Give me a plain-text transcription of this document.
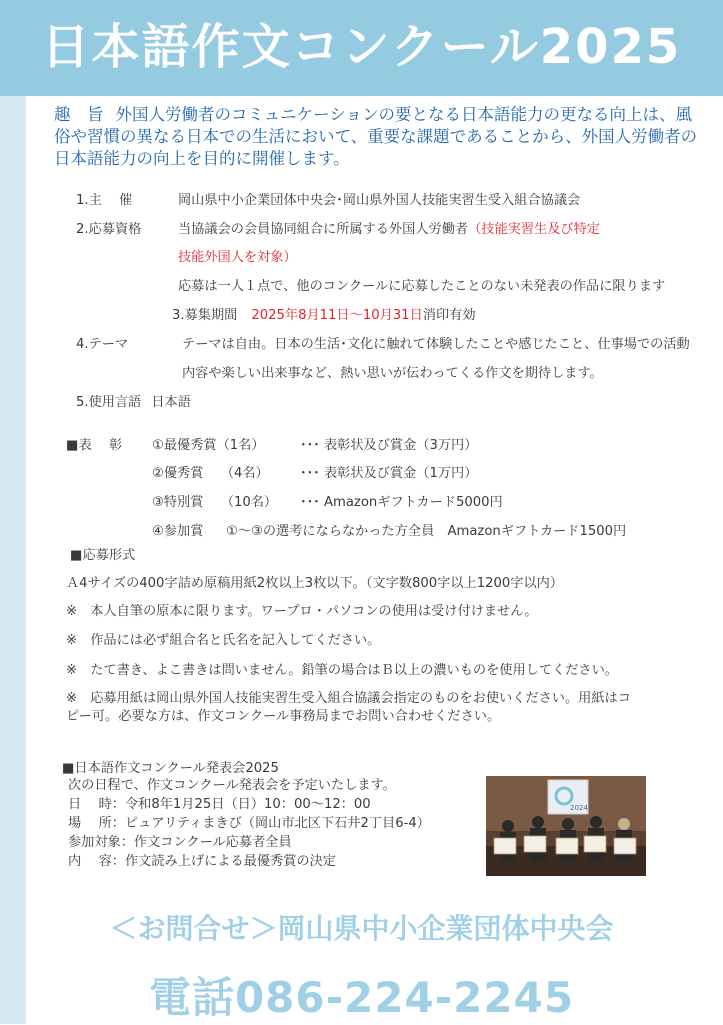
日本語作文コンクール2025
趣　旨 外国人労働者のコミュニケーションの要となる日本語能力の更なる向上は、風俗や習慣の異なる日本での生活において、重要な課題であることから、外国人労働者の日本語能力の向上を目的に開催します。
1.主　 催	岡山県中小企業団体中央会･岡山県外国人技能実習生受入組合協議会
2.応募資格	当協議会の会員協同組合に所属する外国人労働者（技能実習生及び特定
技能外国人を対象）
応募は一人１点で、他のコンクールに応募したことのない未発表の作品に限ります
3.募集期間 2025年8月11日～10月31日消印有効
4.テーマ	テーマは自由。日本の生活･文化に触れて体験したことや感じたこと、仕事場での活動
内容や楽しい出来事など、熱い思いが伝わってくる作文を期待します。
5.使用言語 日本語
■表　 彰 ①最優秀賞（1名）	･･･ 表彰状及び賞金（3万円）
②優秀賞　 （4名） ･･･ 表彰状及び賞金（1万円）
③特別賞　 （10名） ･･･ Amazonギフトカード5000円
④参加賞 ①～③の選考にならなかった方全員　Amazonギフトカード1500円
■応募形式
Ａ4サイズの400字詰め原稿用紙2枚以上3枚以下。（文字数800字以上1200字以内）
※　本人自筆の原本に限ります。ワープロ・パソコンの使用は受け付けません。
※　作品には必ず組合名と氏名を記入してください。
※　たて書き、よこ書きは問いません。鉛筆の場合はＢ以上の濃いものを使用してください。
※　応募用紙は岡山県外国人技能実習生受入組合協議会指定のものをお使いください。用紙はコ
ピー可。必要な方は、作文コンクール事務局までお問い合わせください。
■日本語作文コンクール発表会2025
次の日程で、作文コンクール発表会を予定いたします。
日　 時：令和8年1月25日（日）10：00～12：00
場　 所：ピュアリティまきび（岡山市北区下石井2丁目6-4）
参加対象：作文コンクール応募者全員
内　 容：作文読み上げによる最優秀賞の決定
2024
＜お問合せ＞岡山県中小企業団体中央会
電話086-224-2245
